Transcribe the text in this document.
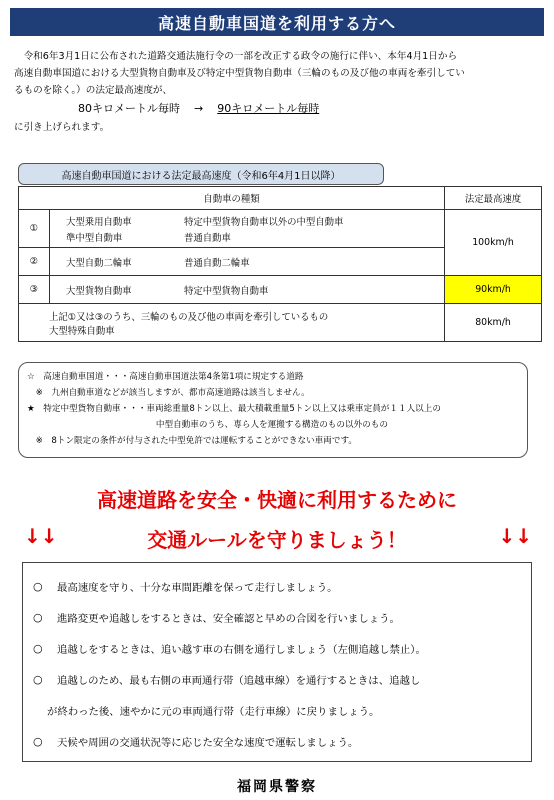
高速自動車国道を利用する方へ

　令和6年3月1日に公布された道路交通法施行令の一部を改正する政令の施行に伴い、本年4月1日から

高速自動車国道における大型貨物自動車及び特定中型貨物自動車（三輪のもの及び他の車両を牽引してい

るものを除く。）の法定最高速度が、

80キロメートル毎時 → 90キロメートル毎時

に引き上げられます。

高速自動車国道における法定最高速度（令和6年4月1日以降）
自動車の種類		法定最高速度
①	大型乗用自動車 特定中型貨物自動車以外の中型自動車
準中型自動車 普通自動車	100km/h
②	大型自動二輪車 普通自動二輪車	

③	大型貨物自動車 特定中型貨物自動車	90km/h

上記①又は③のうち、三輪のもの及び他の車両を牽引しているもの
大型特殊自動車		80km/h

☆　高速自動車国道・・・高速自動車国道法第4条第1項に規定する道路

　※　九州自動車道などが該当しますが、都市高速道路は該当しません。

★　特定中型貨物自動車・・・車両総重量8トン以上、最大積載重量5トン以上又は乗車定員が１１人以上の

　　　　　　　　　　　　　　　中型自動車のうち、専ら人を運搬する構造のもの以外のもの

　※　8トン限定の条件が付与された中型免許では運転することができない車両です。

高速道路を安全・快適に利用するために
↓↓	交通ルールを守りましょう！	↓↓
○	最高速度を守り、十分な車間距離を保って走行しましょう。
○	進路変更や追越しをするときは、安全確認と早めの合図を行いましょう。
○	追越しをするときは、追い越す車の右側を通行しましょう（左側追越し禁止）。
○	追越しのため、最も右側の車両通行帯（追越車線）を通行するときは、追越し
が終わった後、速やかに元の車両通行帯（走行車線）に戻りましょう。
○	天候や周囲の交通状況等に応じた安全な速度で運転しましょう。
福岡県警察
